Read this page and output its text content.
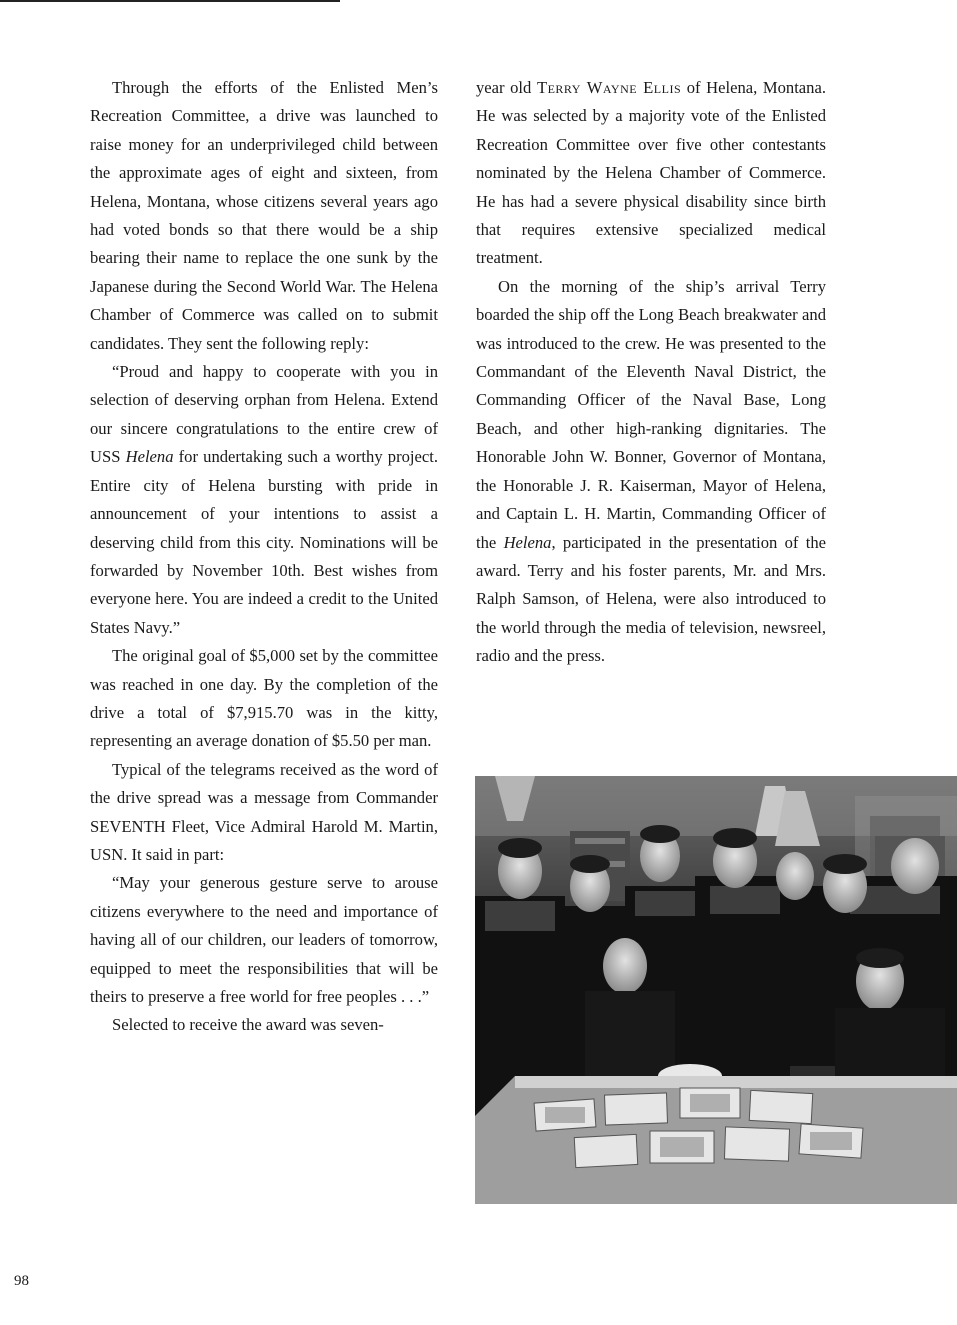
Through the efforts of the Enlisted Men’s Recreation Committee, a drive was launched to raise money for an underprivileged child between the approximate ages of eight and sixteen, from Helena, Montana, whose citizens several years ago had voted bonds so that there would be a ship bearing their name to replace the one sunk by the Japanese during the Second World War. The Helena Chamber of Commerce was called on to submit candidates. They sent the following reply:

“Proud and happy to cooperate with you in selection of deserving orphan from Helena. Extend our sincere congratulations to the entire crew of USS Helena for undertaking such a worthy project. Entire city of Helena bursting with pride in announcement of your intentions to assist a deserving child from this city. Nominations will be forwarded by November 10th. Best wishes from everyone here. You are indeed a credit to the United States Navy.”

The original goal of $5,000 set by the committee was reached in one day. By the completion of the drive a total of $7,915.70 was in the kitty, representing an average donation of $5.50 per man.

Typical of the telegrams received as the word of the drive spread was a message from Commander SEVENTH Fleet, Vice Admiral Harold M. Martin, USN. It said in part:

“May your generous gesture serve to arouse citizens everywhere to the need and importance of having all of our children, our leaders of tomorrow, equipped to meet the responsibilities that will be theirs to preserve a free world for free peoples . . .”

Selected to receive the award was seven-

year old Terry Wayne Ellis of Helena, Montana. He was selected by a majority vote of the Enlisted Recreation Committee over five other contestants nominated by the Helena Chamber of Commerce. He has had a severe physical disability since birth that requires extensive specialized medical treatment.

On the morning of the ship’s arrival Terry boarded the ship off the Long Beach breakwater and was introduced to the crew. He was presented to the Commandant of the Eleventh Naval District, the Commanding Officer of the Naval Base, Long Beach, and other high-ranking dignitaries. The Honorable John W. Bonner, Governor of Montana, the Honorable J. R. Kaiserman, Mayor of Helena, and Captain L. H. Martin, Commanding Officer of the Helena, participated in the presentation of the award. Terry and his foster parents, Mr. and Mrs. Ralph Samson, of Helena, were also introduced to the world through the media of television, newsreel, radio and the press.

98
